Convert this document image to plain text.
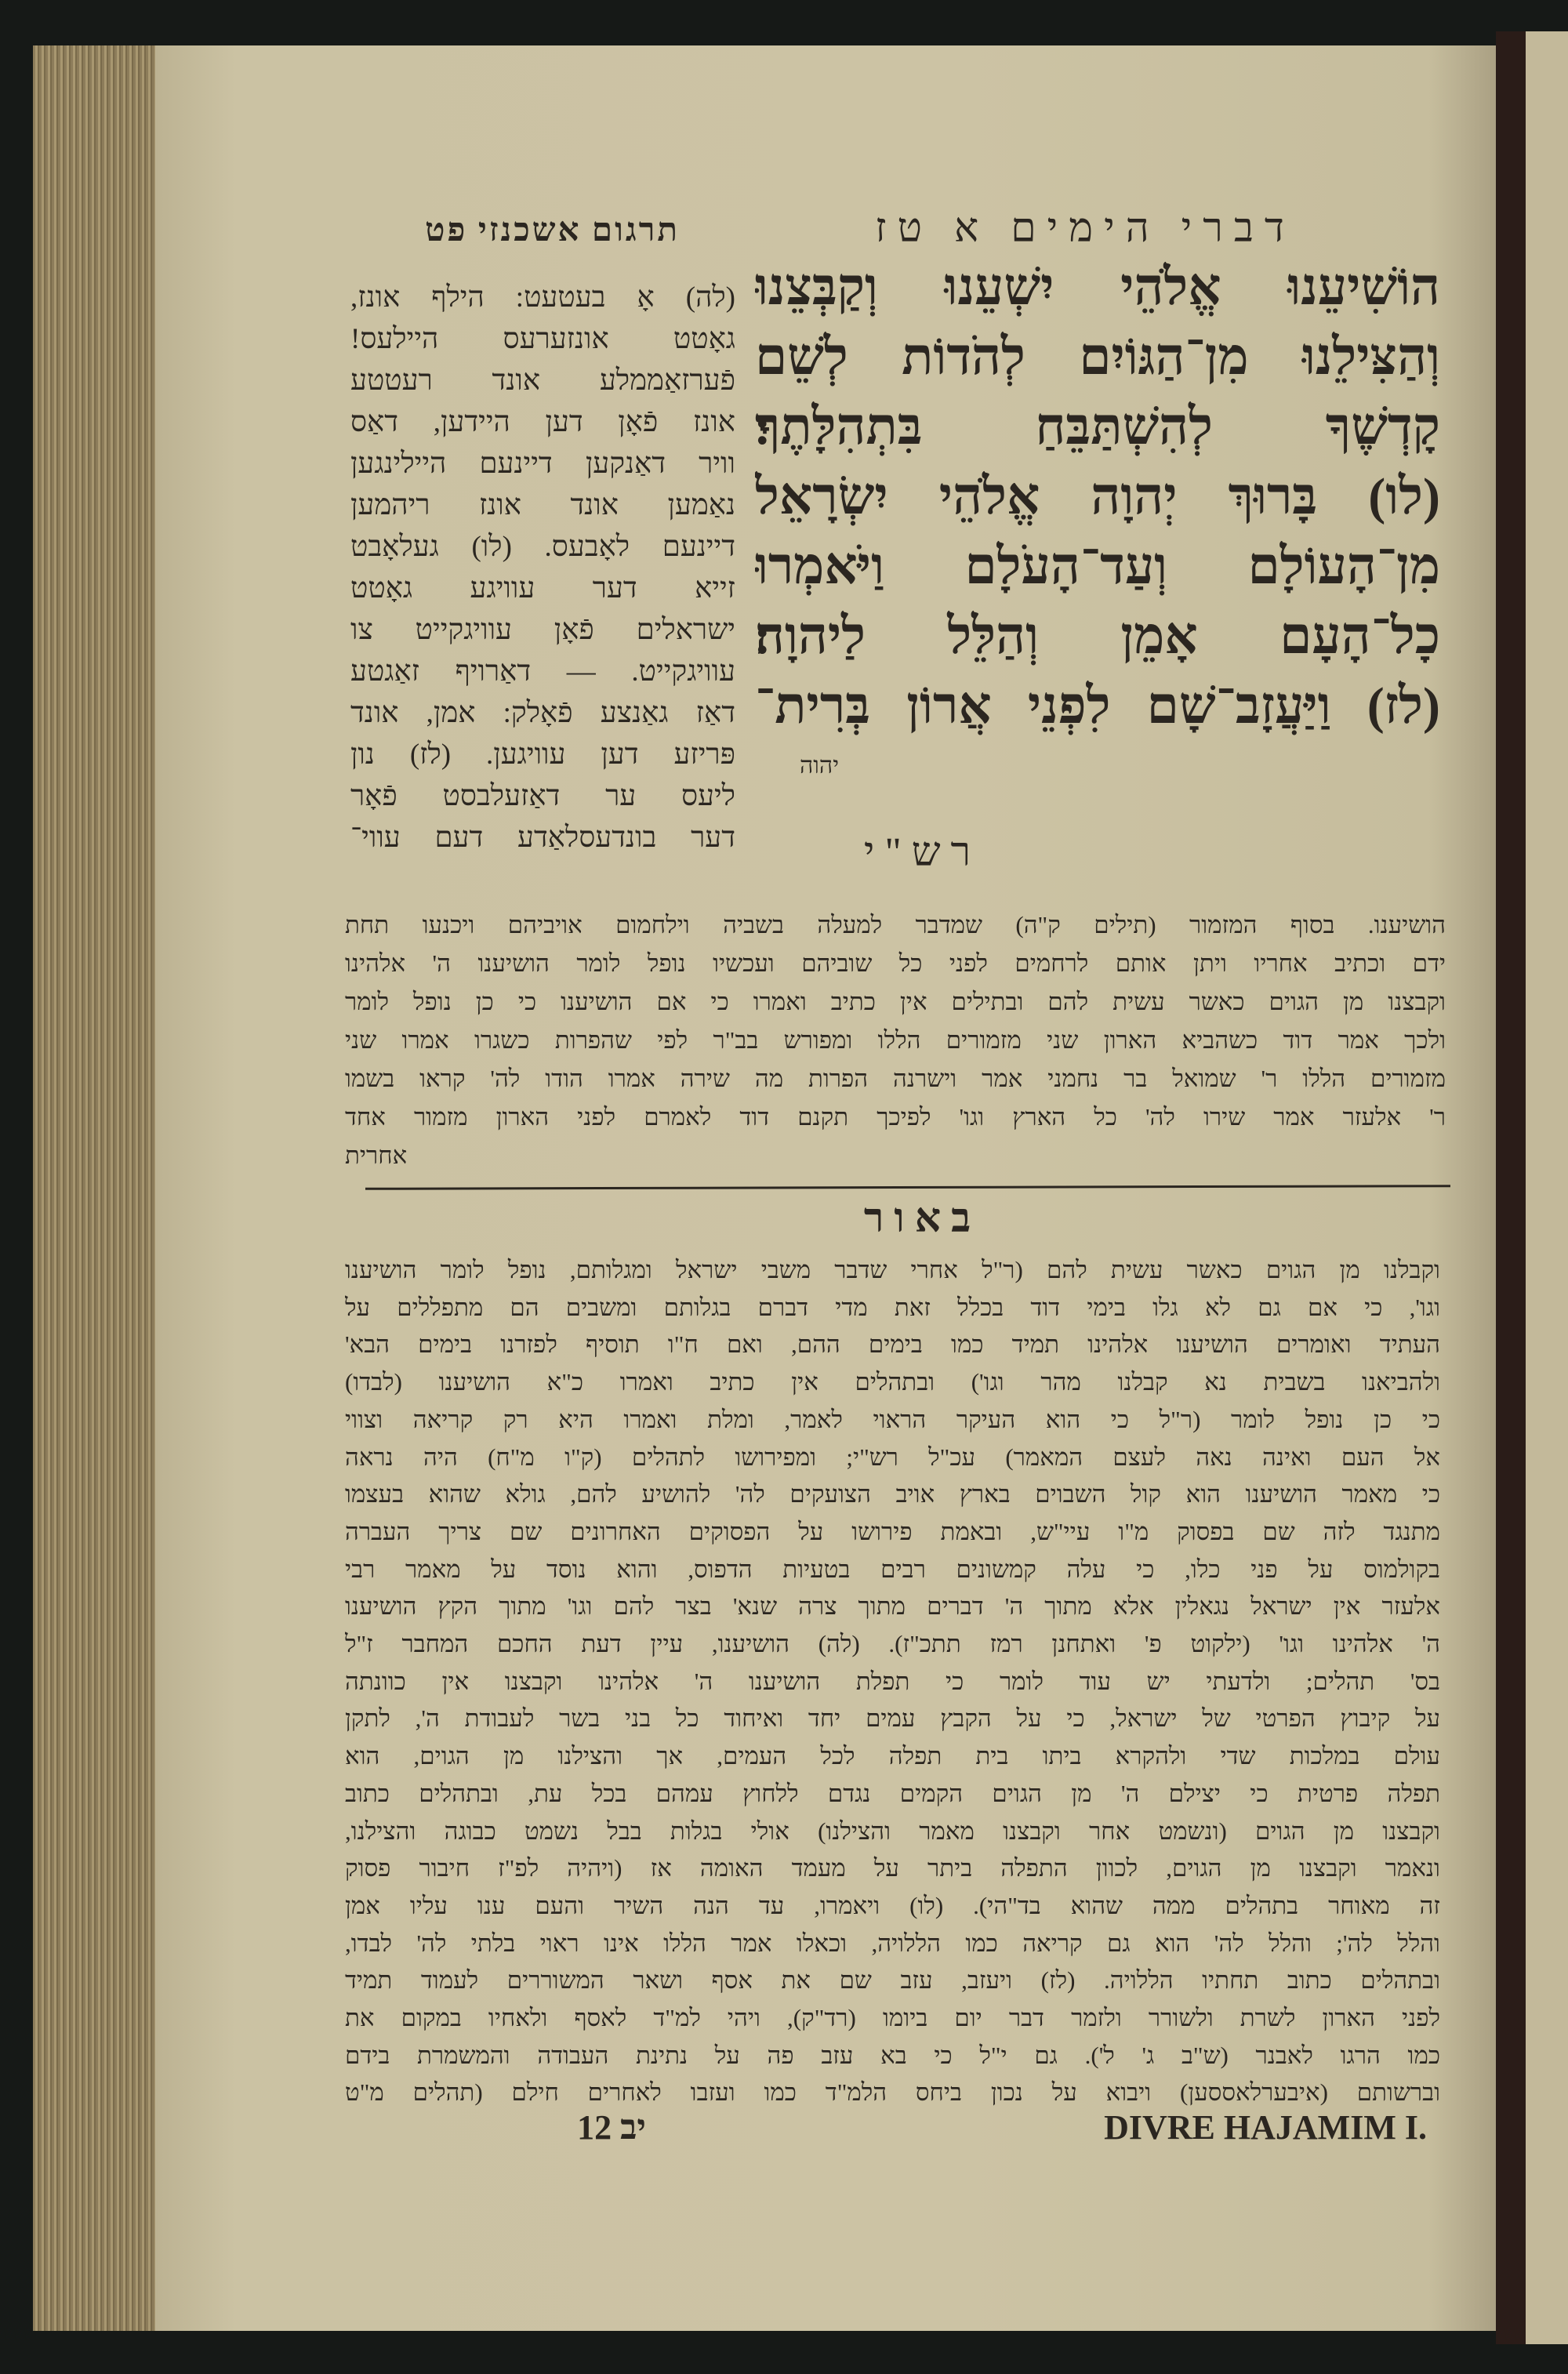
תרגום אשכנזי פט	דברי הימים א טז
(לה) אָ בעטעט: הילף אונז,
גאָטט אונזערעס היילעס!
פֿערזאַממלע אונד רעטטע
אונז פֿאָן דען היידען, דאַס
וויר דאַנקען דיינעם היילינגען
נאַמען אונד אונז ריהמען
דיינעם לאָבעס. (לו) געלאָבט
זייא דער עוויגע גאָטט
ישראלים פֿאָן עוויגקייט צו
עוויגקייט. — דאַרויף זאַגטע
דאַז גאַנצע פֿאָלק: אמן, אונד
פּריזע דען עוויגען. (לז) נון
ליעס ער דאַזעלבסט פֿאָר
דער בונדעסלאַדע דעם עווי־
הוֹשִׁיעֵנוּ אֱלֹהֵי יִשְׁעֵנוּ וְקַבְּצֵנוּ
וְהַצִּילֵנוּ מִן־הַגּוֹיִם לְהֹדוֹת לְשֵׁם
קָדְשֶׁךָ לְהִשְׁתַּבֵּחַ בִּתְהִלָּתֶךָ׃
(לו) בָּרוּךְ יְהוָה אֱלֹהֵי יִשְׂרָאֵל
מִן־הָעוֹלָם וְעַד־הָעֹלָם וַיֹּאמְרוּ
כָל־הָעָם אָמֵן וְהַלֵּל לַיהוָה׃
(לז) וַיַּעֲזָב־שָׁם לִפְנֵי אֲרוֹן בְּרִית־
יהוה
ר ש " י
הושיענו. בסוף המזמור (תילים ק"ה) שמדבר למעלה בשביה וילחמום אויביהם ויכנעו תחת
ידם וכתיב אחריו ויתן אותם לרחמים לפני כל שוביהם ועכשיו נופל לומר הושיענו ה' אלהינו
וקבצנו מן הגוים כאשר עשית להם ובתילים אין כתיב ואמרו כי אם הושיענו כי כן נופל לומר
ולכך אמר דוד כשהביא הארון שני מזמורים הללו ומפורש בב"ר לפי שהפרות כשגרו אמרו שני
מזמורים הללו ר' שמואל בר נחמני אמר וישרנה הפרות מה שירה אמרו הודו לה' קראו בשמו
ר' אלעזר אמר שירו לה' כל הארץ וגו' לפיכך תקנם דוד לאמרם לפני הארון מזמור אחד
אחרית
ב א ו ר
וקבלנו מן הגוים כאשר עשית להם (ר"ל אחרי שדבר משבי ישראל ומגלותם, נופל לומר הושיענו
וגו', כי אם גם לא גלו בימי דוד בכלל זאת מדי דברם בגלותם ומשבים הם מתפללים על
העתיד ואומרים הושיענו אלהינו תמיד כמו בימים ההם, ואם ח"ו תוסיף לפזרנו בימים הבא'
ולהביאנו בשבית נא קבלנו מהר וגו') ובתהלים אין כתיב ואמרו כ"א הושיענו (לבדו)
כי כן נופל לומר (ר"ל כי הוא העיקר הראוי לאמר, ומלת ואמרו היא רק קריאה וצווי
אל העם ואינה נאה לעצם המאמר) עכ"ל רש"י; ומפירושו לתהלים (ק"ו מ"ח) היה נראה
כי מאמר הושיענו הוא קול השבוים בארץ אויב הצועקים לה' להושיע להם, גולא שהוא בעצמו
מתנגד לזה שם בפסוק מ"ו עיי"ש, ובאמת פירושו על הפסוקים האחרונים שם צריך העברה
בקולמוס על פני כלו, כי עלה קמשונים רבים בטעיות הדפוס, והוא נוסד על מאמר רבי
אלעזר אין ישראל נגאלין אלא מתוך ה' דברים מתוך צרה שנא' בצר להם וגו' מתוך הקץ הושיענו
ה' אלהינו וגו' (ילקוט פ' ואתחנן רמז תתכ"ז). (לה) הושיענו, עיין דעת החכם המחבר ז"ל
בס' תהלים; ולדעתי יש עוד לומר כי תפלת הושיענו ה' אלהינו וקבצנו אין כוונתה
על קיבוץ הפרטי של ישראל, כי על הקבץ עמים יחד ואיחוד כל בני בשר לעבודת ה', לתקן
עולם במלכות שדי ולהקרא ביתו בית תפלה לכל העמים, אך והצילנו מן הגוים, הוא
תפלה פרטית כי יצילם ה' מן הגוים הקמים נגדם ללחוץ עמהם בכל עת, ובתהלים כתוב
וקבצנו מן הגוים (ונשמט אחר וקבצנו מאמר והצילנו) אולי בגלות בבל נשמט כבוגה והצילנו,
ונאמר וקבצנו מן הגוים, לכוון התפלה ביתר על מעמד האומה אז (ויהיה לפ"ז חיבור פסוק
זה מאוחר בתהלים ממה שהוא בד"הי). (לו) ויאמרו, עד הנה השיר והעם ענו עליו אמן
והלל לה'; והלל לה' הוא גם קריאה כמו הללויה, וכאלו אמר הללו אינו ראוי בלתי לה' לבדו,
ובתהלים כתוב תחתיו הללויה. (לז) ויעזב, עזב שם את אסף ושאר המשוררים לעמוד תמיד
לפני הארון לשרת ולשורר ולזמר דבר יום ביומו (רד"ק), ויהי למ"ד לאסף ולאחיו במקום את
כמו הרגו לאבנר (ש"ב ג' ל'). גם י"ל כי בא עזב פה על נתינת העבודה והמשמרת בידם
וברשותם (איבערלאססען) ויבוא על נכון ביחס הלמ"ד כמו ועזבו לאחרים חילם (תהלים מ"ט
12 יב	DIVRE HAJAMIM I.
